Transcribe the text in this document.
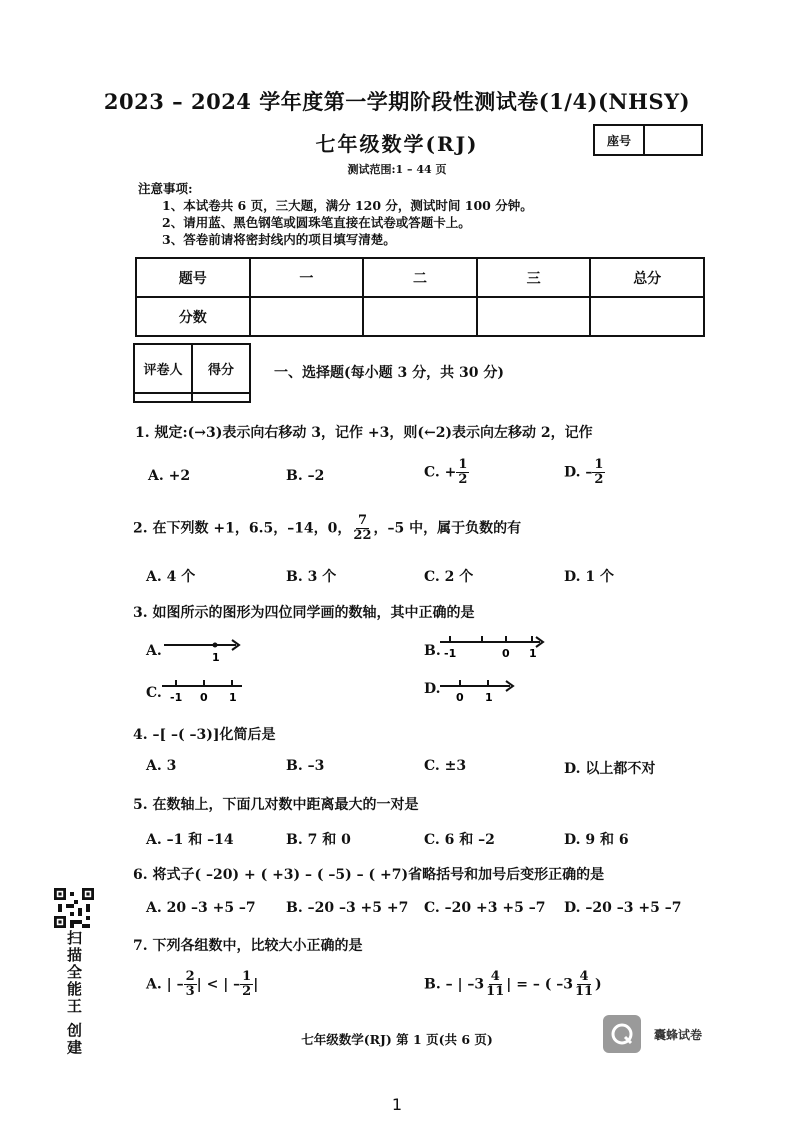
2023 – 2024 学年度第一学期阶段性测试卷(1/4)(NHSY)
七年级数学(RJ)	座号
测试范围:1 – 44 页
注意事项:
1、本试卷共 6 页，三大题，满分 120 分，测试时间 100 分钟。
2、请用蓝、黑色钢笔或圆珠笔直接在试卷或答题卡上。
3、答卷前请将密封线内的项目填写清楚。
题号	一	二	三	总分
分数				
评卷人	得分
		一、选择题(每小题 3 分，共 30 分)
1. 规定:(→3)表示向右移动 3，记作 +3，则(←2)表示向左移动 2，记作
A. +2	B. –2	C. + $\frac{1}{2}$	D. – $\frac{1}{2}$
2. 在下列数 +1，6.5，–14，0， $\frac{7}{22}$ ，–5 中，属于负数的有
A. 4 个	B. 3 个	C. 2 个	D. 1 个
3. 如图所示的图形为四位同学画的数轴，其中正确的是
A.	1	B. -1	0 1
C. -1 0 1
D.
0 1
4. –[ –( –3)]化简后是
A. 3	B. –3	C. ±3	D. 以上都不对
5. 在数轴上，下面几对数中距离最大的一对是
A. –1 和 –14	B. 7 和 0	C. 6 和 –2	D. 9 和 6
6. 将式子( –20) + ( +3) – ( –5) – ( +7)省略括号和加号后变形正确的是
A. 20 –3 +5 –7 B. –20 –3 +5 +7 C. –20 +3 +5 –7 D. –20 –3 +5 –7
7. 下列各组数中，比较大小正确的是
A. | – $\frac{2}{3}$ | < | – $\frac{1}{2}$ |	B. – | $-3 \frac{4}{11}$ | = – ( $-3 \frac{4}{11}$ )
七年级数学(RJ) 第 1 页(共 6 页)
1
扫描全能王 创建	囊蜂试卷
